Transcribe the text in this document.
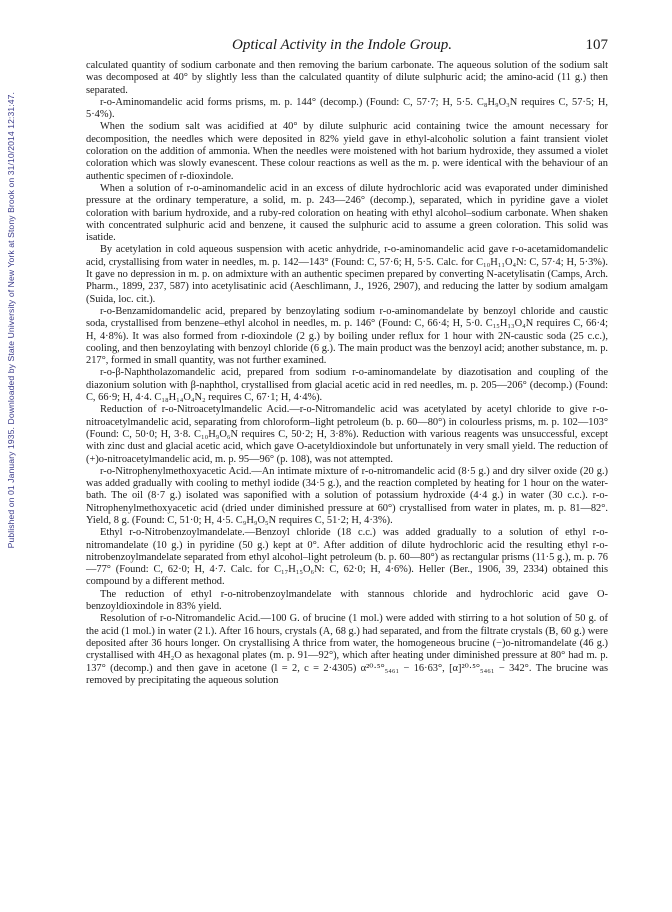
Published on 01 January 1935. Downloaded by State University of New York at Stony Brook on 31/10/2014 12:31:47.
Optical Activity in the Indole Group.	107

calculated quantity of sodium carbonate and then removing the barium carbonate. The aqueous solution of the sodium salt was decomposed at 40° by slightly less than the calculated quantity of dilute sulphuric acid; the amino-acid (11 g.) then separated.

r-o-Aminomandelic acid forms prisms, m. p. 144° (decomp.) (Found: C, 57·7; H, 5·5. C₈H₉O₃N requires C, 57·5; H, 5·4%).

When the sodium salt was acidified at 40° by dilute sulphuric acid containing twice the amount necessary for decomposition, the needles which were deposited in 82% yield gave in ethyl-alcoholic solution a faint transient violet coloration on the addition of ammonia. When the needles were moistened with hot barium hydroxide, they assumed a violet coloration which was slowly evanescent. These colour reactions as well as the m. p. were identical with the behaviour of an authentic specimen of r-dioxindole.

When a solution of r-o-aminomandelic acid in an excess of dilute hydrochloric acid was evaporated under diminished pressure at the ordinary temperature, a solid, m. p. 243—246° (decomp.), separated, which in pyridine gave a violet coloration with barium hydroxide, and a ruby-red coloration on heating with ethyl alcohol–sodium carbonate. When shaken with concentrated sulphuric acid and benzene, it caused the sulphuric acid to assume a green coloration. This solid was isatide.

By acetylation in cold aqueous suspension with acetic anhydride, r-o-aminomandelic acid gave r-o-acetamidomandelic acid, crystallising from water in needles, m. p. 142—143° (Found: C, 57·6; H, 5·5. Calc. for C₁₀H₁₁O₄N: C, 57·4; H, 5·3%). It gave no depression in m. p. on admixture with an authentic specimen prepared by converting N-acetylisatin (Camps, Arch. Pharm., 1899, 237, 587) into acetylisatinic acid (Aeschlimann, J., 1926, 2907), and reducing the latter by sodium amalgam (Suida, loc. cit.).

r-o-Benzamidomandelic acid, prepared by benzoylating sodium r-o-aminomandelate by benzoyl chloride and caustic soda, crystallised from benzene–ethyl alcohol in needles, m. p. 146° (Found: C, 66·4; H, 5·0. C₁₅H₁₃O₄N requires C, 66·4; H, 4·8%). It was also formed from r-dioxindole (2 g.) by boiling under reflux for 1 hour with 2N-caustic soda (25 c.c.), cooling, and then benzoylating with benzoyl chloride (6 g.). The main product was the benzoyl acid; another substance, m. p. 217°, formed in small quantity, was not further examined.

r-o-β-Naphtholazomandelic acid, prepared from sodium r-o-aminomandelate by diazotisation and coupling of the diazonium solution with β-naphthol, crystallised from glacial acetic acid in red needles, m. p. 205—206° (decomp.) (Found: C, 66·9; H, 4·4. C₁₈H₁₄O₄N₂ requires C, 67·1; H, 4·4%).

Reduction of r-o-Nitroacetylmandelic Acid.—r-o-Nitromandelic acid was acetylated by acetyl chloride to give r-o-nitroacetylmandelic acid, separating from chloroform–light petroleum (b. p. 60—80°) in colourless prisms, m. p. 102—103° (Found: C, 50·0; H, 3·8. C₁₀H₉O₆N requires C, 50·2; H, 3·8%). Reduction with various reagents was unsuccessful, except with zinc dust and glacial acetic acid, which gave O-acetyldioxindole but unfortunately in very small yield. The reduction of (+)o-nitroacetylmandelic acid, m. p. 95—96° (p. 108), was not attempted.

r-o-Nitrophenylmethoxyacetic Acid.—An intimate mixture of r-o-nitromandelic acid (8·5 g.) and dry silver oxide (20 g.) was added gradually with cooling to methyl iodide (34·5 g.), and the reaction completed by heating for 1 hour on the water-bath. The oil (8·7 g.) isolated was saponified with a solution of potassium hydroxide (4·4 g.) in water (30 c.c.). r-o-Nitrophenylmethoxyacetic acid (dried under diminished pressure at 60°) crystallised from water in plates, m. p. 81—82°. Yield, 8 g. (Found: C, 51·0; H, 4·5. C₉H₉O₅N requires C, 51·2; H, 4·3%).

Ethyl r-o-Nitrobenzoylmandelate.—Benzoyl chloride (18 c.c.) was added gradually to a solution of ethyl r-o-nitromandelate (10 g.) in pyridine (50 g.) kept at 0°. After addition of dilute hydrochloric acid the resulting ethyl r-o-nitrobenzoylmandelate separated from ethyl alcohol–light petroleum (b. p. 60—80°) as rectangular prisms (11·5 g.), m. p. 76—77° (Found: C, 62·0; H, 4·7. Calc. for C₁₇H₁₅O₆N: C, 62·0; H, 4·6%). Heller (Ber., 1906, 39, 2334) obtained this compound by a different method.

The reduction of ethyl r-o-nitrobenzoylmandelate with stannous chloride and hydrochloric acid gave O-benzoyldioxindole in 83% yield.

Resolution of r-o-Nitromandelic Acid.—100 G. of brucine (1 mol.) were added with stirring to a hot solution of 50 g. of the acid (1 mol.) in water (2 l.). After 16 hours, crystals (A, 68 g.) had separated, and from the filtrate crystals (B, 60 g.) were deposited after 36 hours longer. On crystallising A thrice from water, the homogeneous brucine (−)o-nitromandelate (46 g.) crystallised with 4H₂O as hexagonal plates (m. p. 91—92°), which after heating under diminished pressure at 80° had m. p. 137° (decomp.) and then gave in acetone (l = 2, c = 2·4305) α²⁰·⁵°₅₄₆₁ − 16·63°, [α]²⁰·⁵°₅₄₆₁ − 342°. The brucine was removed by precipitating the aqueous solution
